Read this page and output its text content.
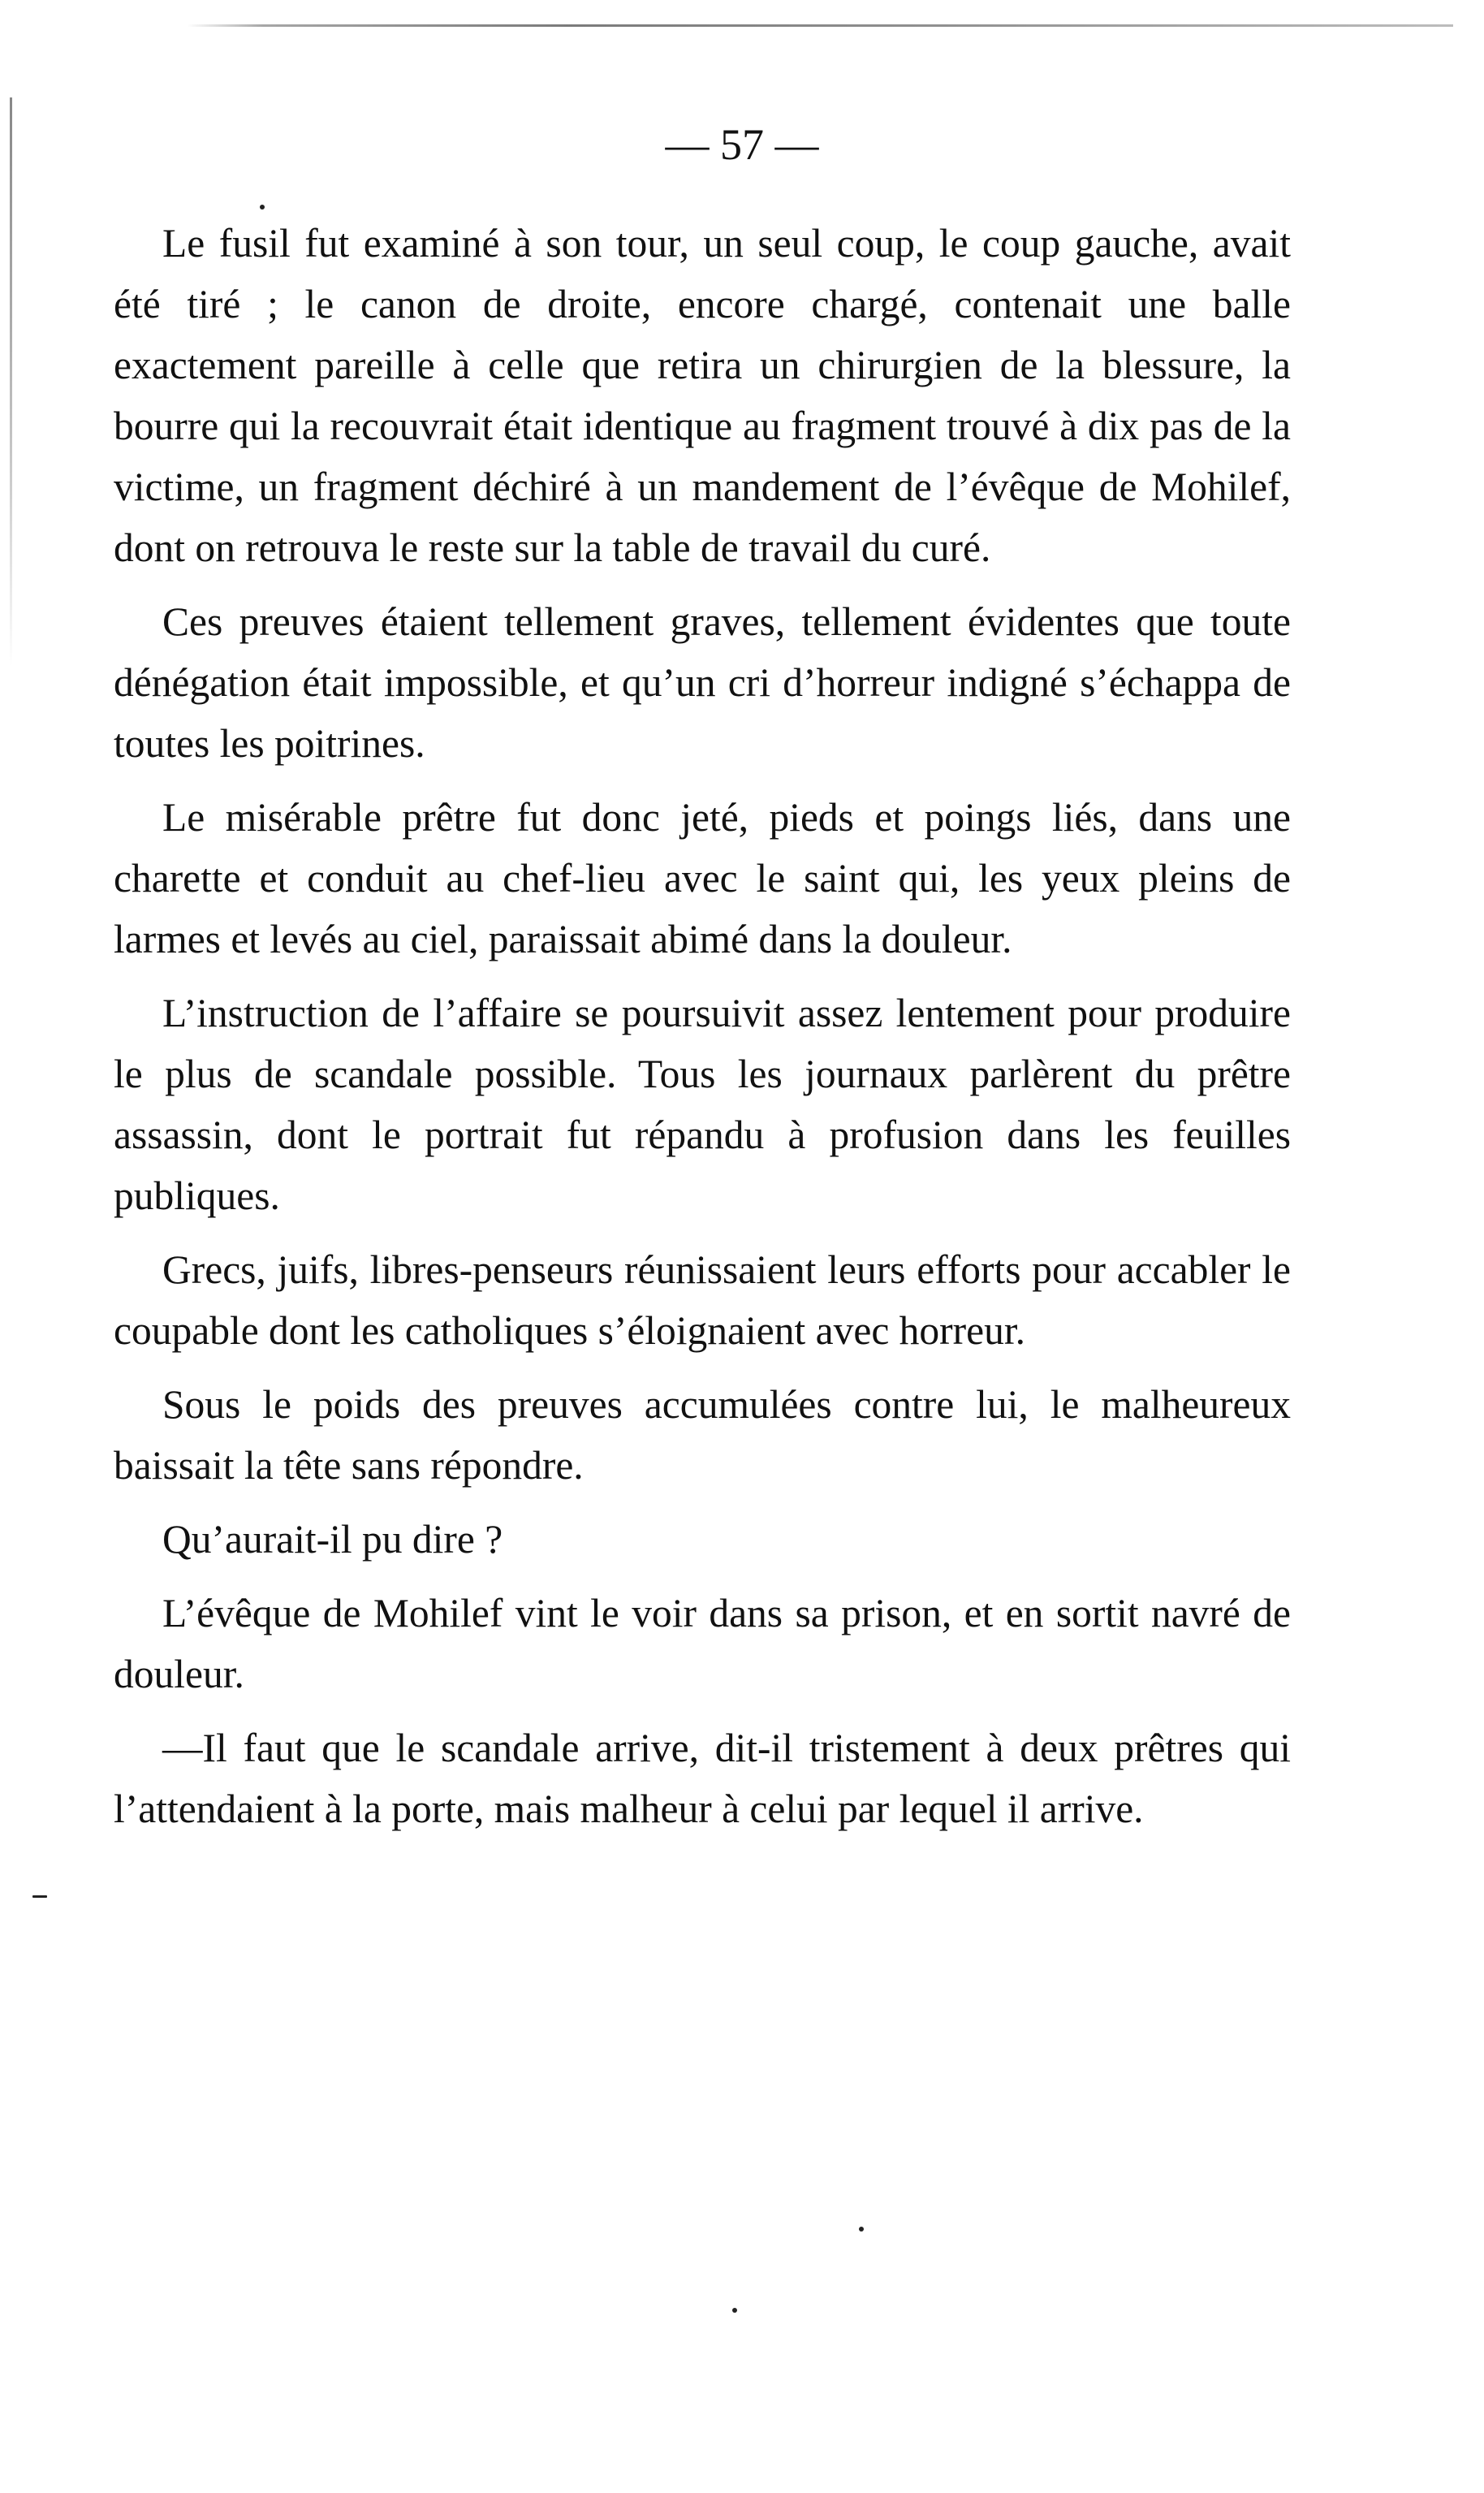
— 57 —

Le fusil fut examiné à son tour, un seul coup, le coup gauche, avait été tiré ; le canon de droite, encore chargé, contenait une balle exactement pareille à celle que retira un chirurgien de la blessure, la bourre qui la recouvrait était identique au fragment trouvé à dix pas de la victime, un fragment déchiré à un mandement de l’évêque de Mohilef, dont on retrouva le reste sur la table de travail du curé.

Ces preuves étaient tellement graves, tellement évidentes que toute dénégation était impossible, et qu’un cri d’horreur indigné s’échappa de toutes les poitrines.

Le misérable prêtre fut donc jeté, pieds et poings liés, dans une charette et conduit au chef-lieu avec le saint qui, les yeux pleins de larmes et levés au ciel, paraissait abimé dans la douleur.

L’instruction de l’affaire se poursuivit assez lentement pour produire le plus de scandale possible. Tous les journaux parlèrent du prêtre assassin, dont le portrait fut répandu à profusion dans les feuilles publiques.

Grecs, juifs, libres-penseurs réunissaient leurs efforts pour accabler le coupable dont les catholiques s’éloignaient avec horreur.

Sous le poids des preuves accumulées contre lui, le malheureux baissait la tête sans répondre.

Qu’aurait-il pu dire ?

L’évêque de Mohilef vint le voir dans sa prison, et en sortit navré de douleur.

—Il faut que le scandale arrive, dit-il tristement à deux prêtres qui l’attendaient à la porte, mais malheur à celui par lequel il arrive.
